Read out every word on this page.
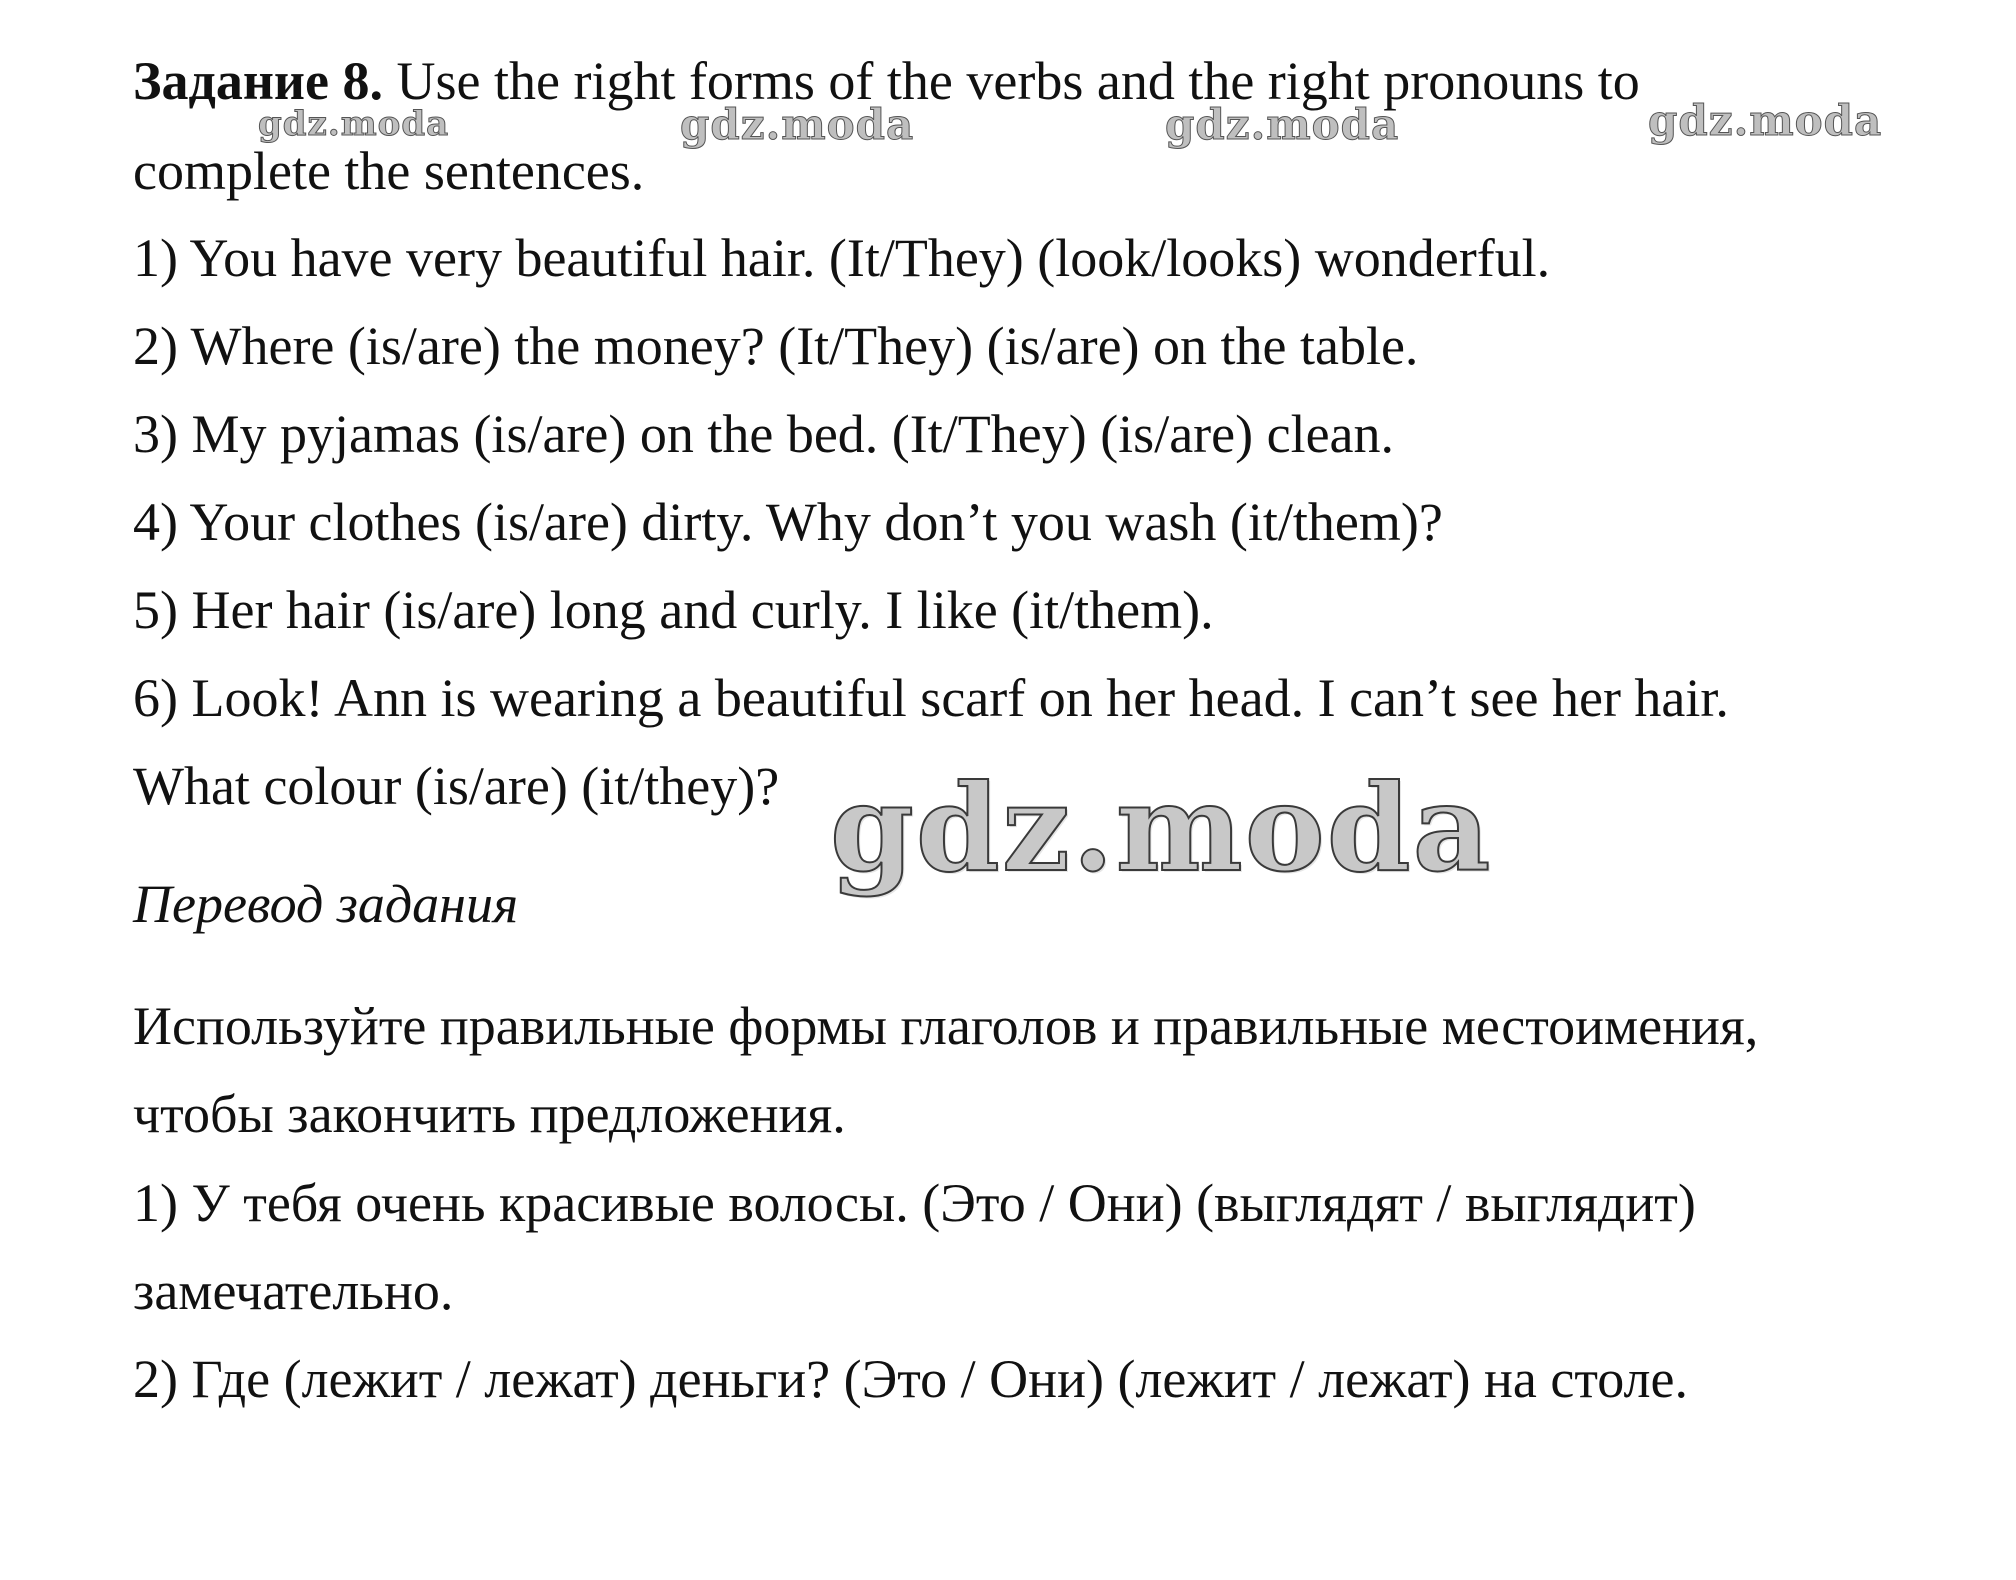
Задание 8. Use the right forms of the verbs and the right pronouns to
complete the sentences.
1) You have very beautiful hair. (It/They) (look/looks) wonderful.
2) Where (is/are) the money? (It/They) (is/are) on the table.
3) My pyjamas (is/are) on the bed. (It/They) (is/are) clean.
4) Your clothes (is/are) dirty. Why don’t you wash (it/them)?
5) Her hair (is/are) long and curly. I like (it/them).
6) Look! Ann is wearing a beautiful scarf on her head. I can’t see her hair.
What colour (is/are) (it/they)?
Перевод задания
Используйте правильные формы глаголов и правильные местоимения,
чтобы закончить предложения.
1) У тебя очень красивые волосы. (Это / Они) (выглядят / выглядит)
замечательно.
2) Где (лежит / лежат) деньги? (Это / Они) (лежит / лежат) на столе.
gdz.moda	gdz.moda	gdz.moda	gdz.moda
gdz.moda
